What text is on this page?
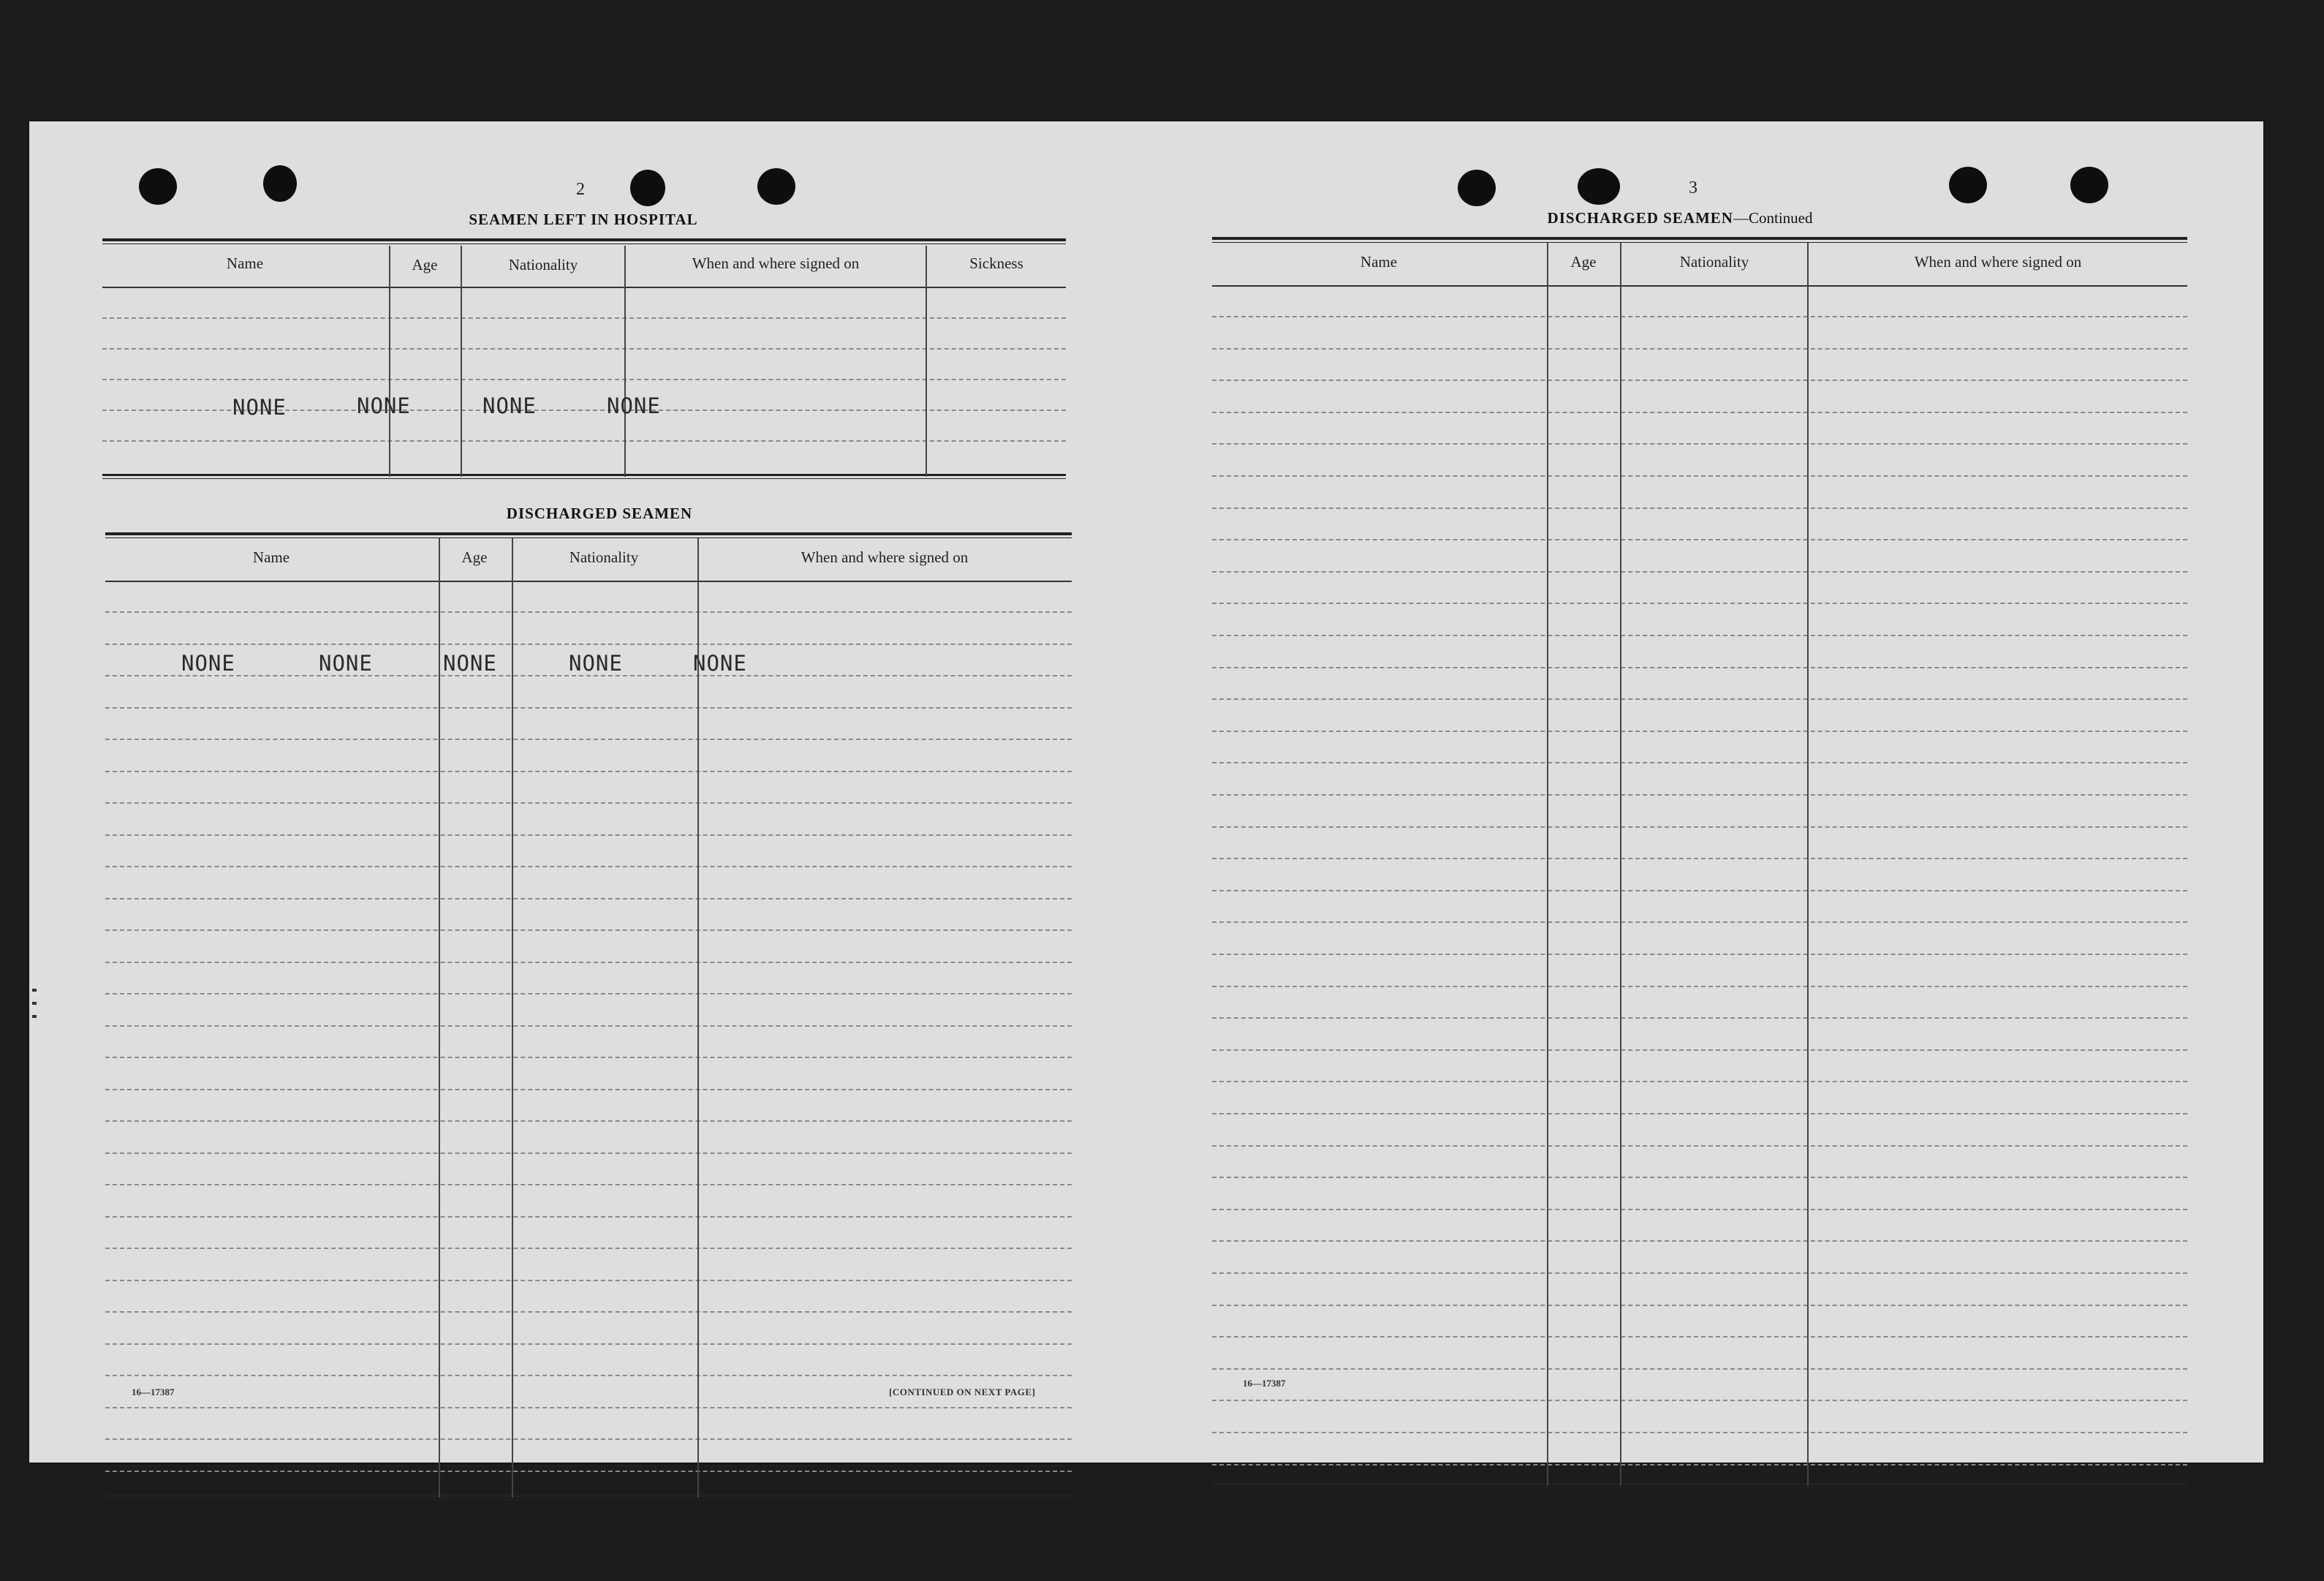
2
SEAMEN LEFT IN HOSPITAL
Name	Age	Nationality	When and where signed on	Sickness
NONE	NONE	NONE	NONE
DISCHARGED SEAMEN
Name	Age	Nationality	When and where signed on
NONE	NONE	NONE	NONE	NONE
16—17387	[CONTINUED ON NEXT PAGE]
3
DISCHARGED SEAMEN—Continued
Name	Age	Nationality	When and where signed on
16—17387
